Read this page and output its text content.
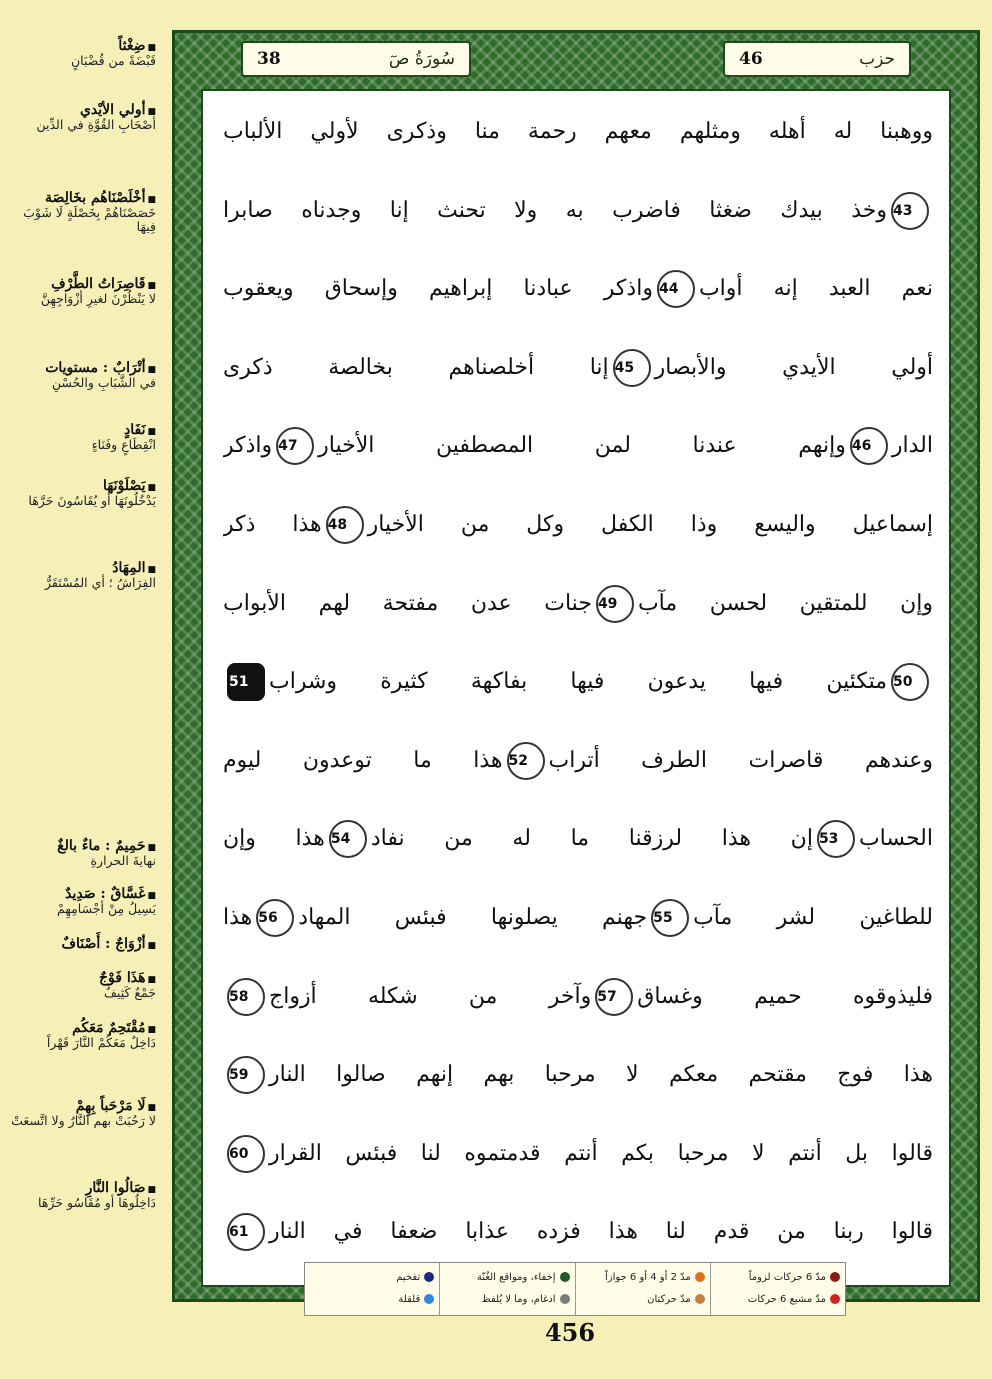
■ ضِغْثاً
قَبْضَةً من قُضْبَانٍ
■ أولي الأيْدي
أصْحَابِ القُوَّةِ في الدِّين
■ أخْلَصْنَاهُم بخَالِصَة
خَصَصْنَاهُمْ بِخَصْلَةٍ لَا شَوْبَ فِيهَا
■ قَاصِرَاتُ الطَّرْفِ
لا يَنْظُرْنَ لغيرِ أزْوَاجِهِنَّ
■ أتْرَابٌ : مستويات
في الشَّبَابِ والحُسْنِ
■ نَفَادٍ
انْقِطَاعٍ وفَنَاءٍ
■ يَصْلَوْنَهَا
يَدْخُلُونَهَا أو يُقَاسُونَ حَرَّهَا
■ المِهَادُ
الفِرَاشُ ؛ أي المُسْتَقَرُّ
■ حَمِيمٌ : ماءٌ بالغٌ
نهايةَ الحرارةِ
■ غَسَّاقٌ : صَدِيدٌ
يَسِيلُ مِنْ أجْسَامِهِمْ
■ أزْوَاجٌ : أَصْنَافٌ
■ هَذَا فَوْجٌ
جَمْعٌ كَثِيفٌ
■ مُقْتَحِمٌ مَعَكُم
دَاخِلٌ مَعَكُمْ النَّارَ قَهْراً
■ لَا مَرْحَباً بِهِمْ
لا رَحُبَتْ بهم النَّارُ ولا اتَّسعَتْ
■ صَالُوا النَّارِ
دَاخِلُوهَا أو مُقَاسُو حَرِّهَا
سُورَةُ صٓ
38	حزب
46
ووهبنا له أهله ومثلهم معهم رحمة منا وذكرى لأولي الألباب
43وخذ بيدك ضغثا فاضرب به ولا تحنث إنا وجدناه صابرا
نعم العبد إنه أواب44واذكر عبادنا إبراهيم وإسحاق ويعقوب
أولي الأيدي والأبصار45إنا أخلصناهم بخالصة ذكرى
الدار46وإنهم عندنا لمن المصطفين الأخيار47واذكر
إسماعيل واليسع وذا الكفل وكل من الأخيار48هذا ذكر
وإن للمتقين لحسن مآب49جنات عدن مفتحة لهم الأبواب
50متكئين فيها يدعون فيها بفاكهة كثيرة وشراب51
وعندهم قاصرات الطرف أتراب52هذا ما توعدون ليوم
الحساب53إن هذا لرزقنا ما له من نفاد54هذا وإن
للطاغين لشر مآب55جهنم يصلونها فبئس المهاد56هذا
فليذوقوه حميم وغساق57وآخر من شكله أزواج58
هذا فوج مقتحم معكم لا مرحبا بهم إنهم صالوا النار59
قالوا بل أنتم لا مرحبا بكم أنتم قدمتموه لنا فبئس القرار60
قالوا ربنا من قدم لنا هذا فزده عذابا ضعفا في النار61
مدّ 6 حركات لزوماً
مدّ مشبع 6 حركات
مدّ 2 أو 4 أو 6 جوازاً
مدّ حركتان
إخفاء، ومواقع الغُنّة
ادغام، وما لا يُلفظ
تفخيم
قلقلة
456
